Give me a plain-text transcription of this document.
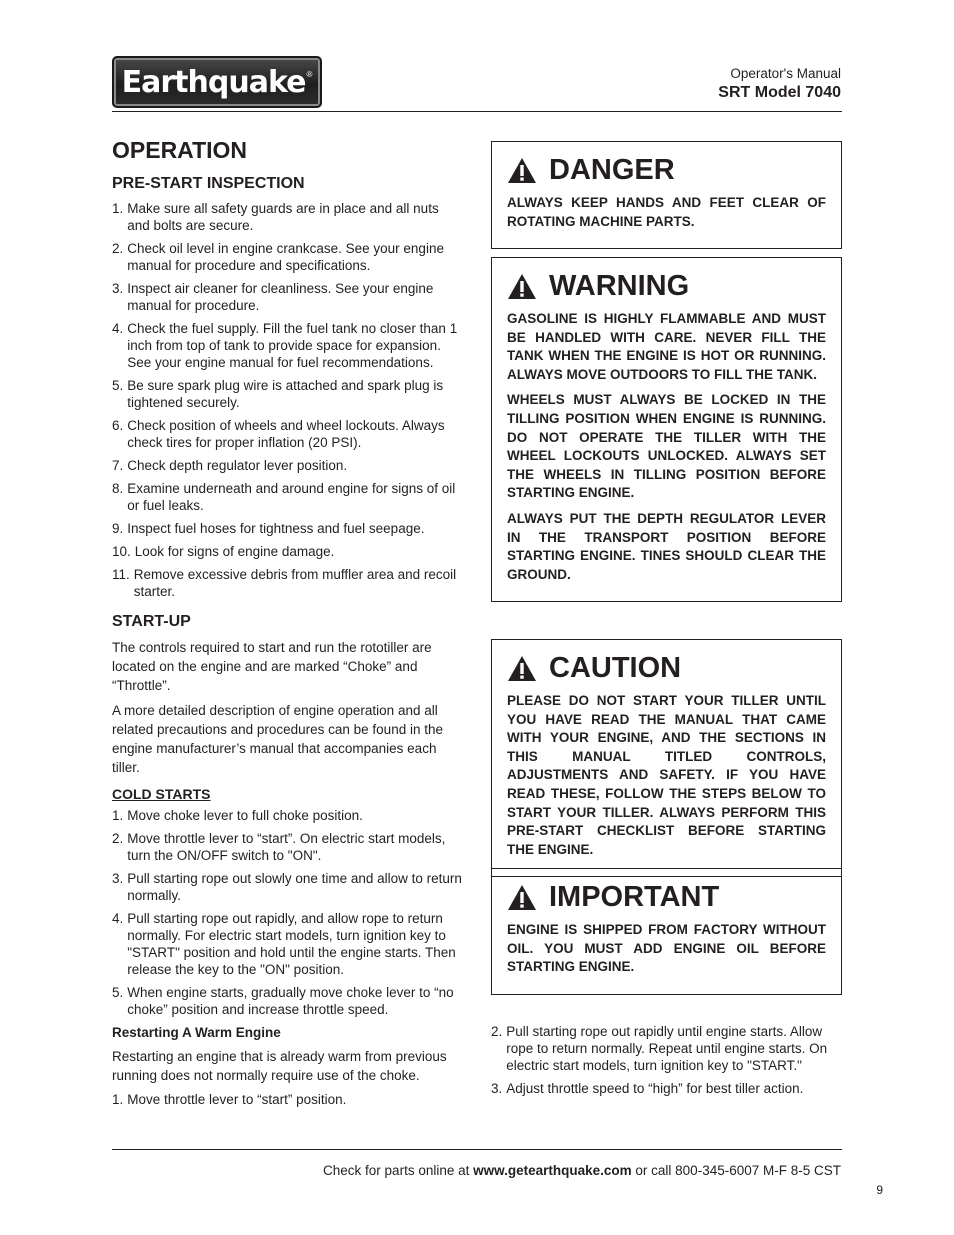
Earthquake ®	Operator's Manual
SRT Model 7040
OPERATION
PRE-START INSPECTION
1. Make sure all safety guards are in place and all nuts and bolts are secure.
2. Check oil level in engine crankcase. See your engine manual for procedure and specifications.
3. Inspect air cleaner for cleanliness. See your engine manual for procedure.
4. Check the fuel supply. Fill the fuel tank no closer than 1 inch from top of tank to provide space for expansion. See your engine manual for fuel recommendations.
5. Be sure spark plug wire is attached and spark plug is tightened securely.
6. Check position of wheels and wheel lockouts. Always check tires for proper inflation (20 PSI).
7. Check depth regulator lever position.
8. Examine underneath and around engine for signs of oil or fuel leaks.
9. Inspect fuel hoses for tightness and fuel seepage.
10. Look for signs of engine damage.
11. Remove excessive debris from muffler area and recoil starter.
START-UP

The controls required to start and run the rototiller are located on the engine and are marked “Choke” and “Throttle”.

A more detailed description of engine operation and all related precautions and procedures can be found in the engine manufacturer’s manual that accompanies each tiller.

COLD STARTS
1. Move choke lever to full choke position.
2. Move throttle lever to “start”. On electric start models, turn the ON/OFF switch to "ON".
3. Pull starting rope out slowly one time and allow to return normally.
4. Pull starting rope out rapidly, and allow rope to return normally. For electric start models, turn ignition key to "START" position and hold until the engine starts. Then release the key to the "ON" position.
5. When engine starts, gradually move choke lever to “no choke” position and increase throttle speed.
Restarting A Warm Engine

Restarting an engine that is already warm from previous running does not normally require use of the choke.

1. Move throttle lever to “start” position.
DANGER

ALWAYS KEEP HANDS AND FEET CLEAR OF ROTATING MACHINE PARTS.

WARNING

GASOLINE IS HIGHLY FLAMMABLE AND MUST BE HANDLED WITH CARE. NEVER FILL THE TANK WHEN THE ENGINE IS HOT OR RUNNING. ALWAYS MOVE OUTDOORS TO FILL THE TANK.

WHEELS MUST ALWAYS BE LOCKED IN THE TILLING POSITION WHEN ENGINE IS RUNNING. DO NOT OPERATE THE TILLER WITH THE WHEEL LOCKOUTS UNLOCKED. ALWAYS SET THE WHEELS IN TILLING POSITION BEFORE STARTING ENGINE.

ALWAYS PUT THE DEPTH REGULATOR LEVER IN THE TRANSPORT POSITION BEFORE STARTING ENGINE. TINES SHOULD CLEAR THE GROUND.

CAUTION

PLEASE DO NOT START YOUR TILLER UNTIL YOU HAVE READ THE MANUAL THAT CAME WITH YOUR ENGINE, AND THE SECTIONS IN THIS MANUAL TITLED CONTROLS, ADJUSTMENTS AND SAFETY. IF YOU HAVE READ THESE, FOLLOW THE STEPS BELOW TO START YOUR TILLER. ALWAYS PERFORM THIS PRE-START CHECKLIST BEFORE STARTING THE ENGINE.

IMPORTANT

ENGINE IS SHIPPED FROM FACTORY WITHOUT OIL. YOU MUST ADD ENGINE OIL BEFORE STARTING ENGINE.

2. Pull starting rope out rapidly until engine starts. Allow rope to return normally. Repeat until engine starts. On electric start models, turn ignition key to "START."
3. Adjust throttle speed to “high” for best tiller action.
Check for parts online at www.getearthquake.com or call 800-345-6007 M-F 8-5 CST
9
